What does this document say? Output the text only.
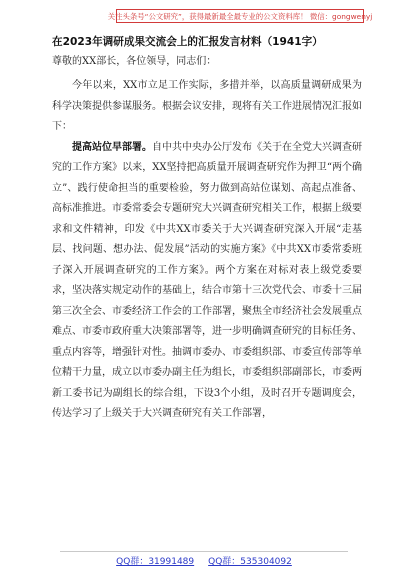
关注头条号“公文研究”，获得最新最全最专业的公文资料库！ 微信：gongwenyj
在2023年调研成果交流会上的汇报发言材料（1941字）

尊敬的XX部长，各位领导，同志们：

今年以来，XX市立足工作实际，多措并举，以高质量调研成果为科学决策提供参谋服务。根据会议安排，现将有关工作进展情况汇报如下：

提高站位早部署。自中共中央办公厅发布《关于在全党大兴调查研究的工作方案》以来，XX坚持把高质量开展调查研究作为押卫“两个确立”、践行使命担当的重要检验，努力做到高站位谋划、高起点准备、高标准推进。市委常委会专题研究大兴调查研究相关工作，根据上级要求和文件精神，印发《中共XX市委关于大兴调查研究深入开展“走基层、找问题、想办法、促发展”活动的实施方案》《中共XX市委常委班子深入开展调查研究的工作方案》。两个方案在对标对表上级党委要求，坚决落实规定动作的基础上，结合市第十三次党代会、市委十三届第三次全会、市委经济工作会的工作部署，聚焦全市经济社会发展重点难点、市委市政府重大决策部署等，进一步明确调查研究的目标任务、重点内容等，增强针对性。抽调市委办、市委组织部、市委宣传部等单位精干力量，成立以市委办副主任为组长，市委组织部副部长，市委两新工委书记为副组长的综合组，下设3个小组，及时召开专题调度会，传达学习了上级关于大兴调查研究有关工作部署，

QQ群：31991489 QQ群：535304092
